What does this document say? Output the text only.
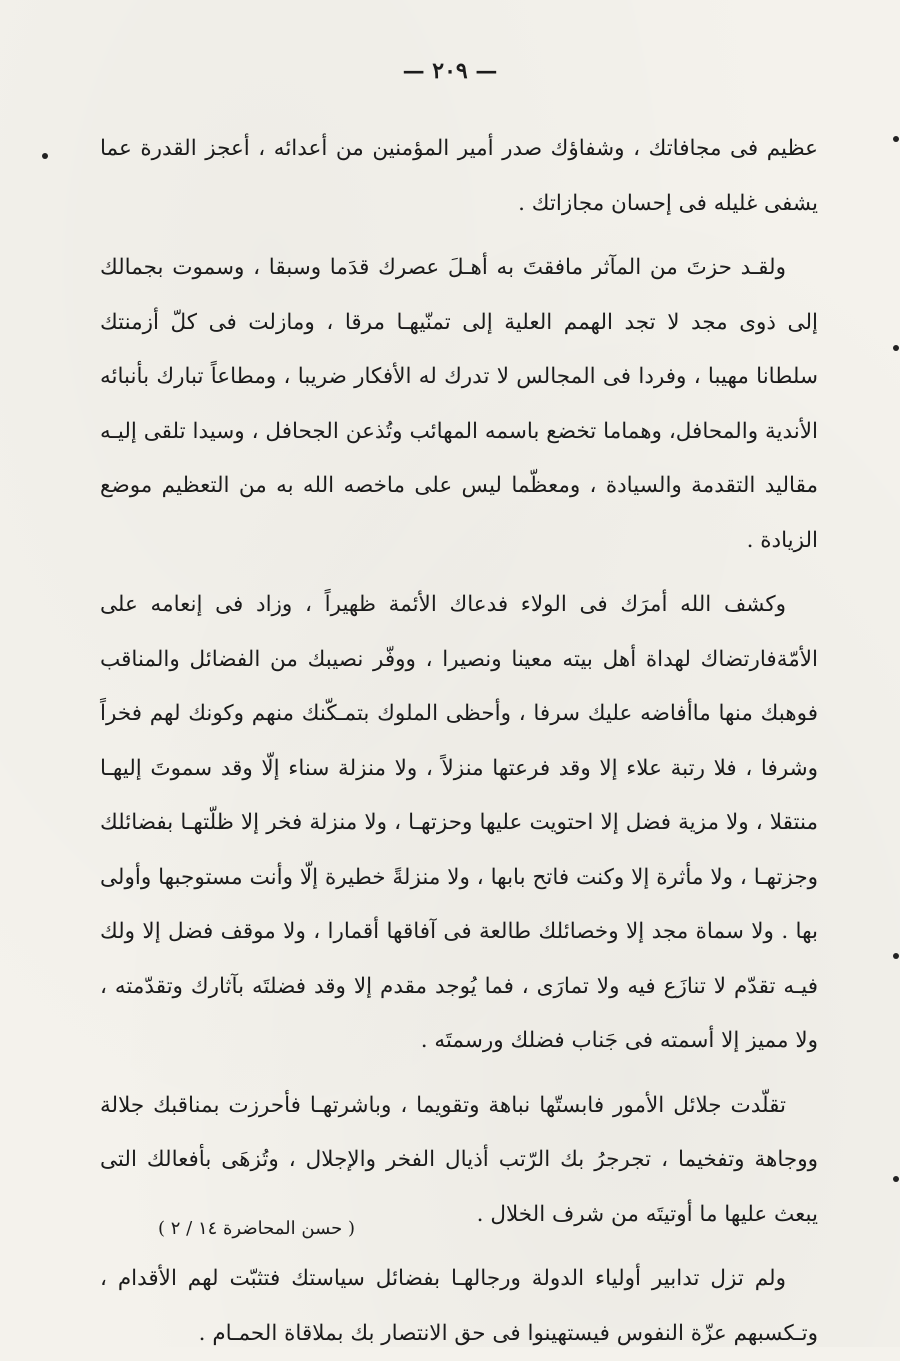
— ٢٠٩ —

عظيم فى مجافاتك ، وشفاؤك صدر أمير المؤمنين من أعدائه ، أعجز القدرة عما يشفى غليله فى إحسان مجازاتك .

ولقـد حزتَ من المآثر مافقتَ به أهـلَ عصرك قدَما وسبقا ، وسموت بجمالك إلى ذوى مجد لا تجد الهمم العلية إلى تمنّيهـا مرقا ، ومازلت فى كلّ أزمنتك سلطانا مهيبا ، وفردا فى المجالس لا تدرك له الأفكار ضريبا ، ومطاعاً تبارك بأنبائه الأندية والمحافل، وهماما تخضع باسمه المهائب وتُذعن الجحافل ، وسيدا تلقى إليـه مقاليد التقدمة والسيادة ، ومعظّما ليس على ماخصه الله به من التعظيم موضع الزيادة .

وكشف الله أمرَك فى الولاء فدعاك الأئمة ظهيراً ، وزاد فى إنعامه على الأمّةفارتضاك لهداة أهل بيته معينا ونصيرا ، ووفّر نصيبك من الفضائل والمناقب فوهبك منها ماأفاضه عليك سرفا ، وأحظى الملوك بتمـكّنك منهم وكونك لهم فخراً وشرفا ، فلا رتبة علاء إلا وقد فرعتها منزلاً ، ولا منزلة سناء إلّا وقد سموتَ إليهـا منتقلا ، ولا مزية فضل إلا احتويت عليها وحزتهـا ، ولا منزلة فخر إلا ظلّتهـا بفضائلك وجزتهـا ، ولا مأثرة إلا وكنت فاتح بابها ، ولا منزلةً خطيرة إلّا وأنت مستوجبها وأولى بها . ولا سماة مجد إلا وخصائلك طالعة فى آفاقها أقمارا ، ولا موقف فضل إلا ولك فيـه تقدّم لا تنازَع فيه ولا تمارَى ، فما يُوجد مقدم إلا وقد فضلتَه بآثارك وتقدّمته ، ولا مميز إلا أسمته فى جَناب فضلك ورسمتَه .

تقلّدت جلائل الأمور فابستّها نباهة وتقويما ، وباشرتهـا فأحرزت بمناقبك جلالة ووجاهة وتفخيما ، تجرجرُ بك الرّتب أذيال الفخر والإجلال ، وتُزهَى بأفعالك التى يبعث عليها ما أوتيتَه من شرف الخلال .

ولم تزل تدابير أولياء الدولة ورجالهـا بفضائل سياستك فتثبّت لهم الأقدام ، وتـكسبهم عزّة النفوس فيستهينوا فى حق الانتصار بك بملاقاة الحمـام .

( حسن المحاضرة ١٤ / ٢ )
